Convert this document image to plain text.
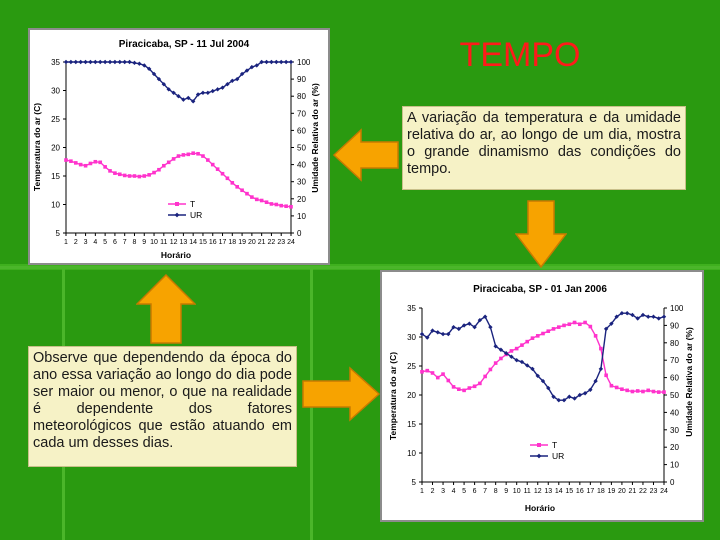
TEMPO
A variação da temperatura e da umidade relativa do ar, ao longo de um dia, mostra o grande dinamismo das condições do tempo.
Observe que dependendo da época do ano essa variação ao longo do dia pode ser maior ou menor, o que na realidade é dependente dos fatores meteorológicos que estão atuando em cada um desses dias.
Piracicaba, SP - 11 Jul 2004
Temperatura do ar (C)	Umidade Relativa do ar (%)
Horário
5
10
15
20
25
30
35
0
10
20
30
40
50
60
70
80
90
100
1 2 3 4 5 6 7 8 9 10 11 12 13 14 15 16 17 18 19 20 21 22 23 24
T
UR
Piracicaba, SP - 01 Jan 2006
Temperatura do ar (C)	Umidade Relativa do ar (%)
Horário
5
10
15
20
25
30
35
0
10
20
30
40
50
60
70
80
90
100
1 2 3 4 5 6 7 8 9 10 11 12 13 14 15 16 17 18 19 20 21 22 23 24
T
UR
